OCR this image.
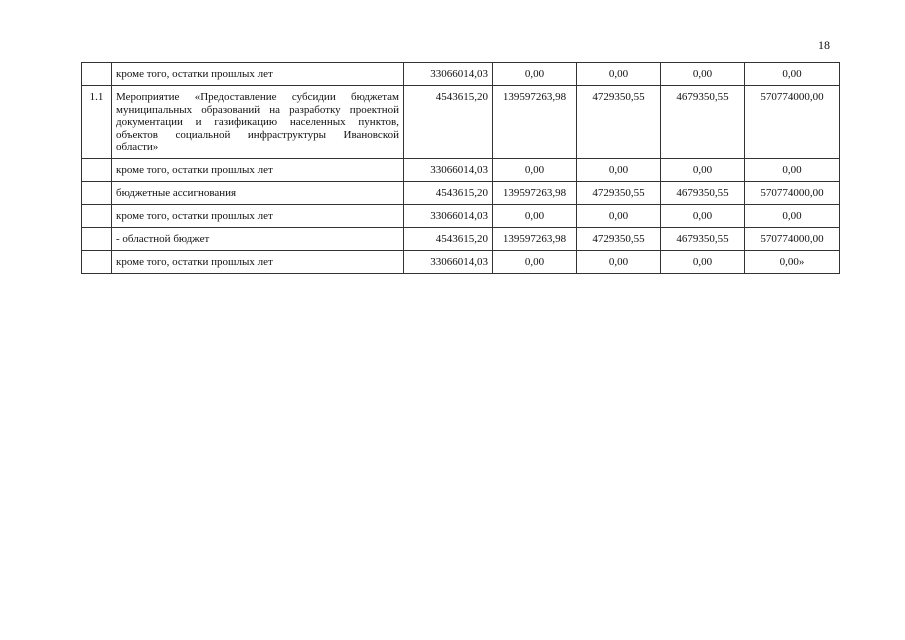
18
	кроме того, остатки прошлых лет	33066014,03	0,00	0,00	0,00	0,00
1.1	Мероприятие «Предоставление субсидии бюджетам муниципальных образований на разработку проектной документации и газификацию населенных пунктов, объектов социальной инфраструктуры Ивановской области»	4543615,20	139597263,98	4729350,55	4679350,55	570774000,00
	кроме того, остатки прошлых лет	33066014,03	0,00	0,00	0,00	0,00
	бюджетные ассигнования	4543615,20	139597263,98	4729350,55	4679350,55	570774000,00
	кроме того, остатки прошлых лет	33066014,03	0,00	0,00	0,00	0,00
	- областной бюджет	4543615,20	139597263,98	4729350,55	4679350,55	570774000,00
	кроме того, остатки прошлых лет	33066014,03	0,00	0,00	0,00	0,00»
